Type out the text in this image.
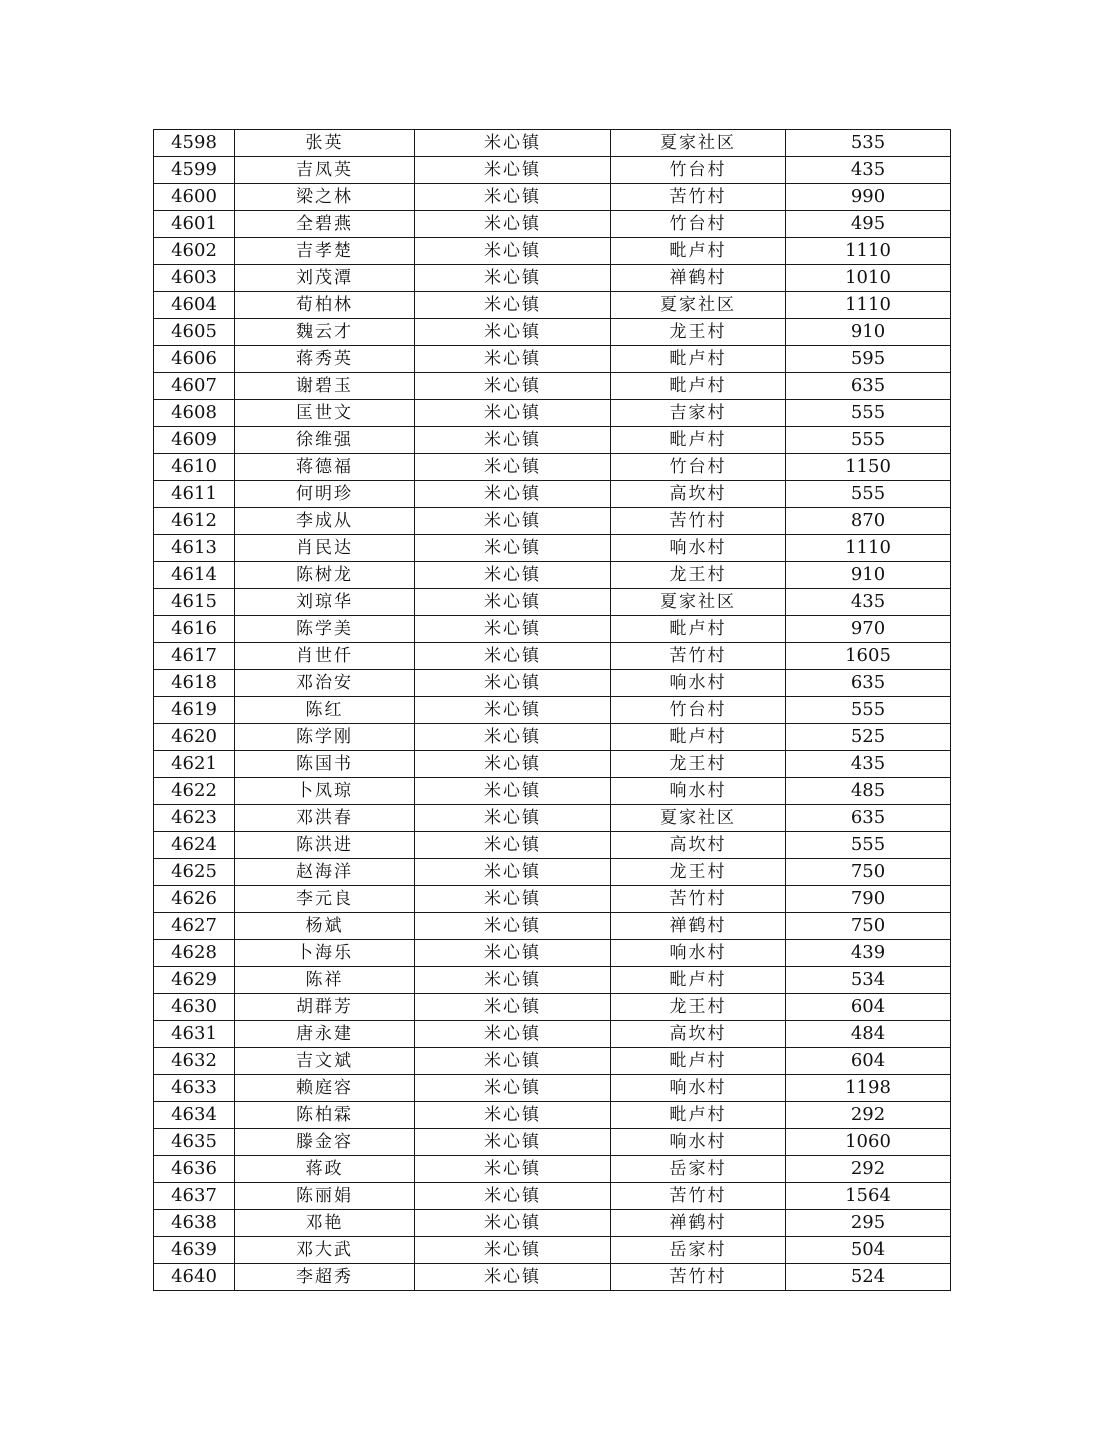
4598	张英	米心镇	夏家社区	535
4599	吉凤英	米心镇	竹台村	435
4600	梁之林	米心镇	苦竹村	990
4601	全碧燕	米心镇	竹台村	495
4602	吉孝楚	米心镇	毗卢村	1110
4603	刘茂潭	米心镇	禅鹤村	1010
4604	荀柏林	米心镇	夏家社区	1110
4605	魏云才	米心镇	龙王村	910
4606	蒋秀英	米心镇	毗卢村	595
4607	谢碧玉	米心镇	毗卢村	635
4608	匡世文	米心镇	吉家村	555
4609	徐维强	米心镇	毗卢村	555
4610	蒋德福	米心镇	竹台村	1150
4611	何明珍	米心镇	高坎村	555
4612	李成从	米心镇	苦竹村	870
4613	肖民达	米心镇	响水村	1110
4614	陈树龙	米心镇	龙王村	910
4615	刘琼华	米心镇	夏家社区	435
4616	陈学美	米心镇	毗卢村	970
4617	肖世仟	米心镇	苦竹村	1605
4618	邓治安	米心镇	响水村	635
4619	陈红	米心镇	竹台村	555
4620	陈学刚	米心镇	毗卢村	525
4621	陈国书	米心镇	龙王村	435
4622	卜凤琼	米心镇	响水村	485
4623	邓洪春	米心镇	夏家社区	635
4624	陈洪进	米心镇	高坎村	555
4625	赵海洋	米心镇	龙王村	750
4626	李元良	米心镇	苦竹村	790
4627	杨斌	米心镇	禅鹤村	750
4628	卜海乐	米心镇	响水村	439
4629	陈祥	米心镇	毗卢村	534
4630	胡群芳	米心镇	龙王村	604
4631	唐永建	米心镇	高坎村	484
4632	吉文斌	米心镇	毗卢村	604
4633	赖庭容	米心镇	响水村	1198
4634	陈柏霖	米心镇	毗卢村	292
4635	滕金容	米心镇	响水村	1060
4636	蒋政	米心镇	岳家村	292
4637	陈丽娟	米心镇	苦竹村	1564
4638	邓艳	米心镇	禅鹤村	295
4639	邓大武	米心镇	岳家村	504
4640	李超秀	米心镇	苦竹村	524
